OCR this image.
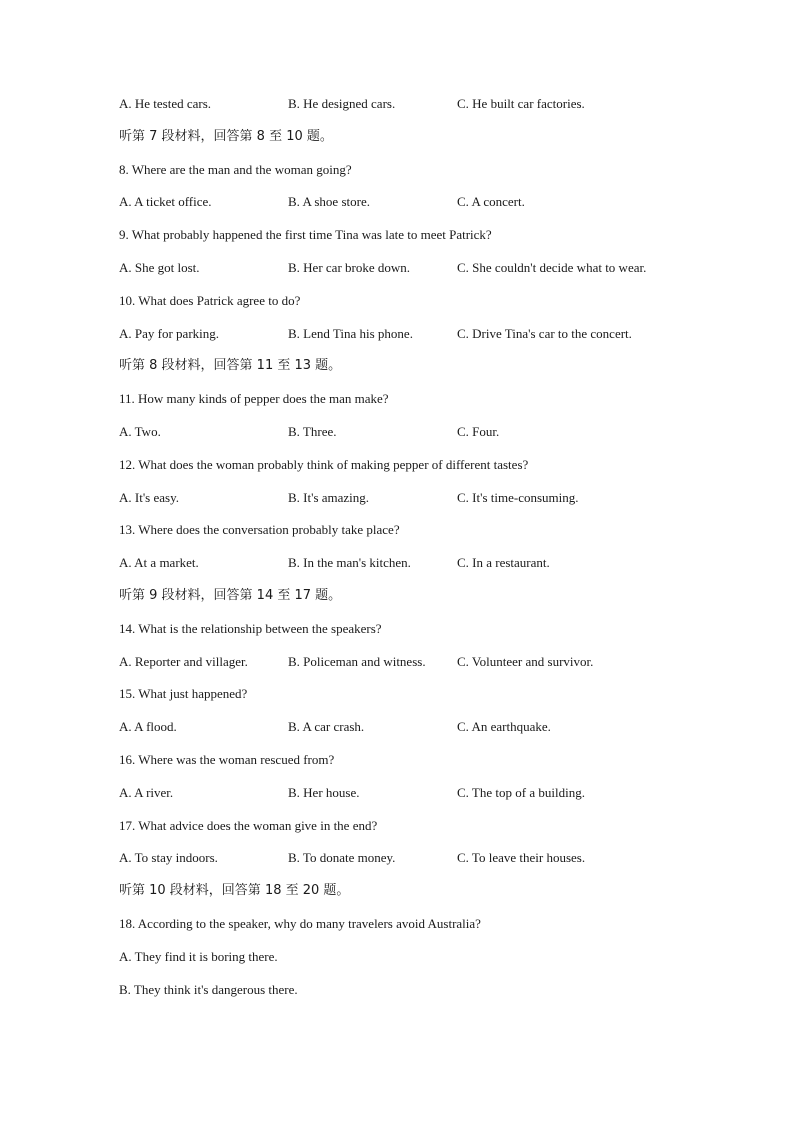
A. He tested cars.	B. He designed cars.	C. He built car factories.
听第 7 段材料，回答第 8 至 10 题。
8. Where are the man and the woman going?
A. A ticket office.	B. A shoe store.	C. A concert.
9. What probably happened the first time Tina was late to meet Patrick?
A. She got lost.	B. Her car broke down.	C. She couldn't decide what to wear.
10. What does Patrick agree to do?
A. Pay for parking.	B. Lend Tina his phone.	C. Drive Tina's car to the concert.
听第 8 段材料，回答第 11 至 13 题。
11. How many kinds of pepper does the man make?
A. Two.	B. Three.	C. Four.
12. What does the woman probably think of making pepper of different tastes?
A. It's easy.	B. It's amazing.	C. It's time-consuming.
13. Where does the conversation probably take place?
A. At a market.	B. In the man's kitchen.	C. In a restaurant.
听第 9 段材料，回答第 14 至 17 题。
14. What is the relationship between the speakers?
A. Reporter and villager.	B. Policeman and witness.	C. Volunteer and survivor.
15. What just happened?
A. A flood.	B. A car crash.	C. An earthquake.
16. Where was the woman rescued from?
A. A river.	B. Her house.	C. The top of a building.
17. What advice does the woman give in the end?
A. To stay indoors.	B. To donate money.	C. To leave their houses.
听第 10 段材料，回答第 18 至 20 题。
18. According to the speaker, why do many travelers avoid Australia?
A. They find it is boring there.
B. They think it's dangerous there.
